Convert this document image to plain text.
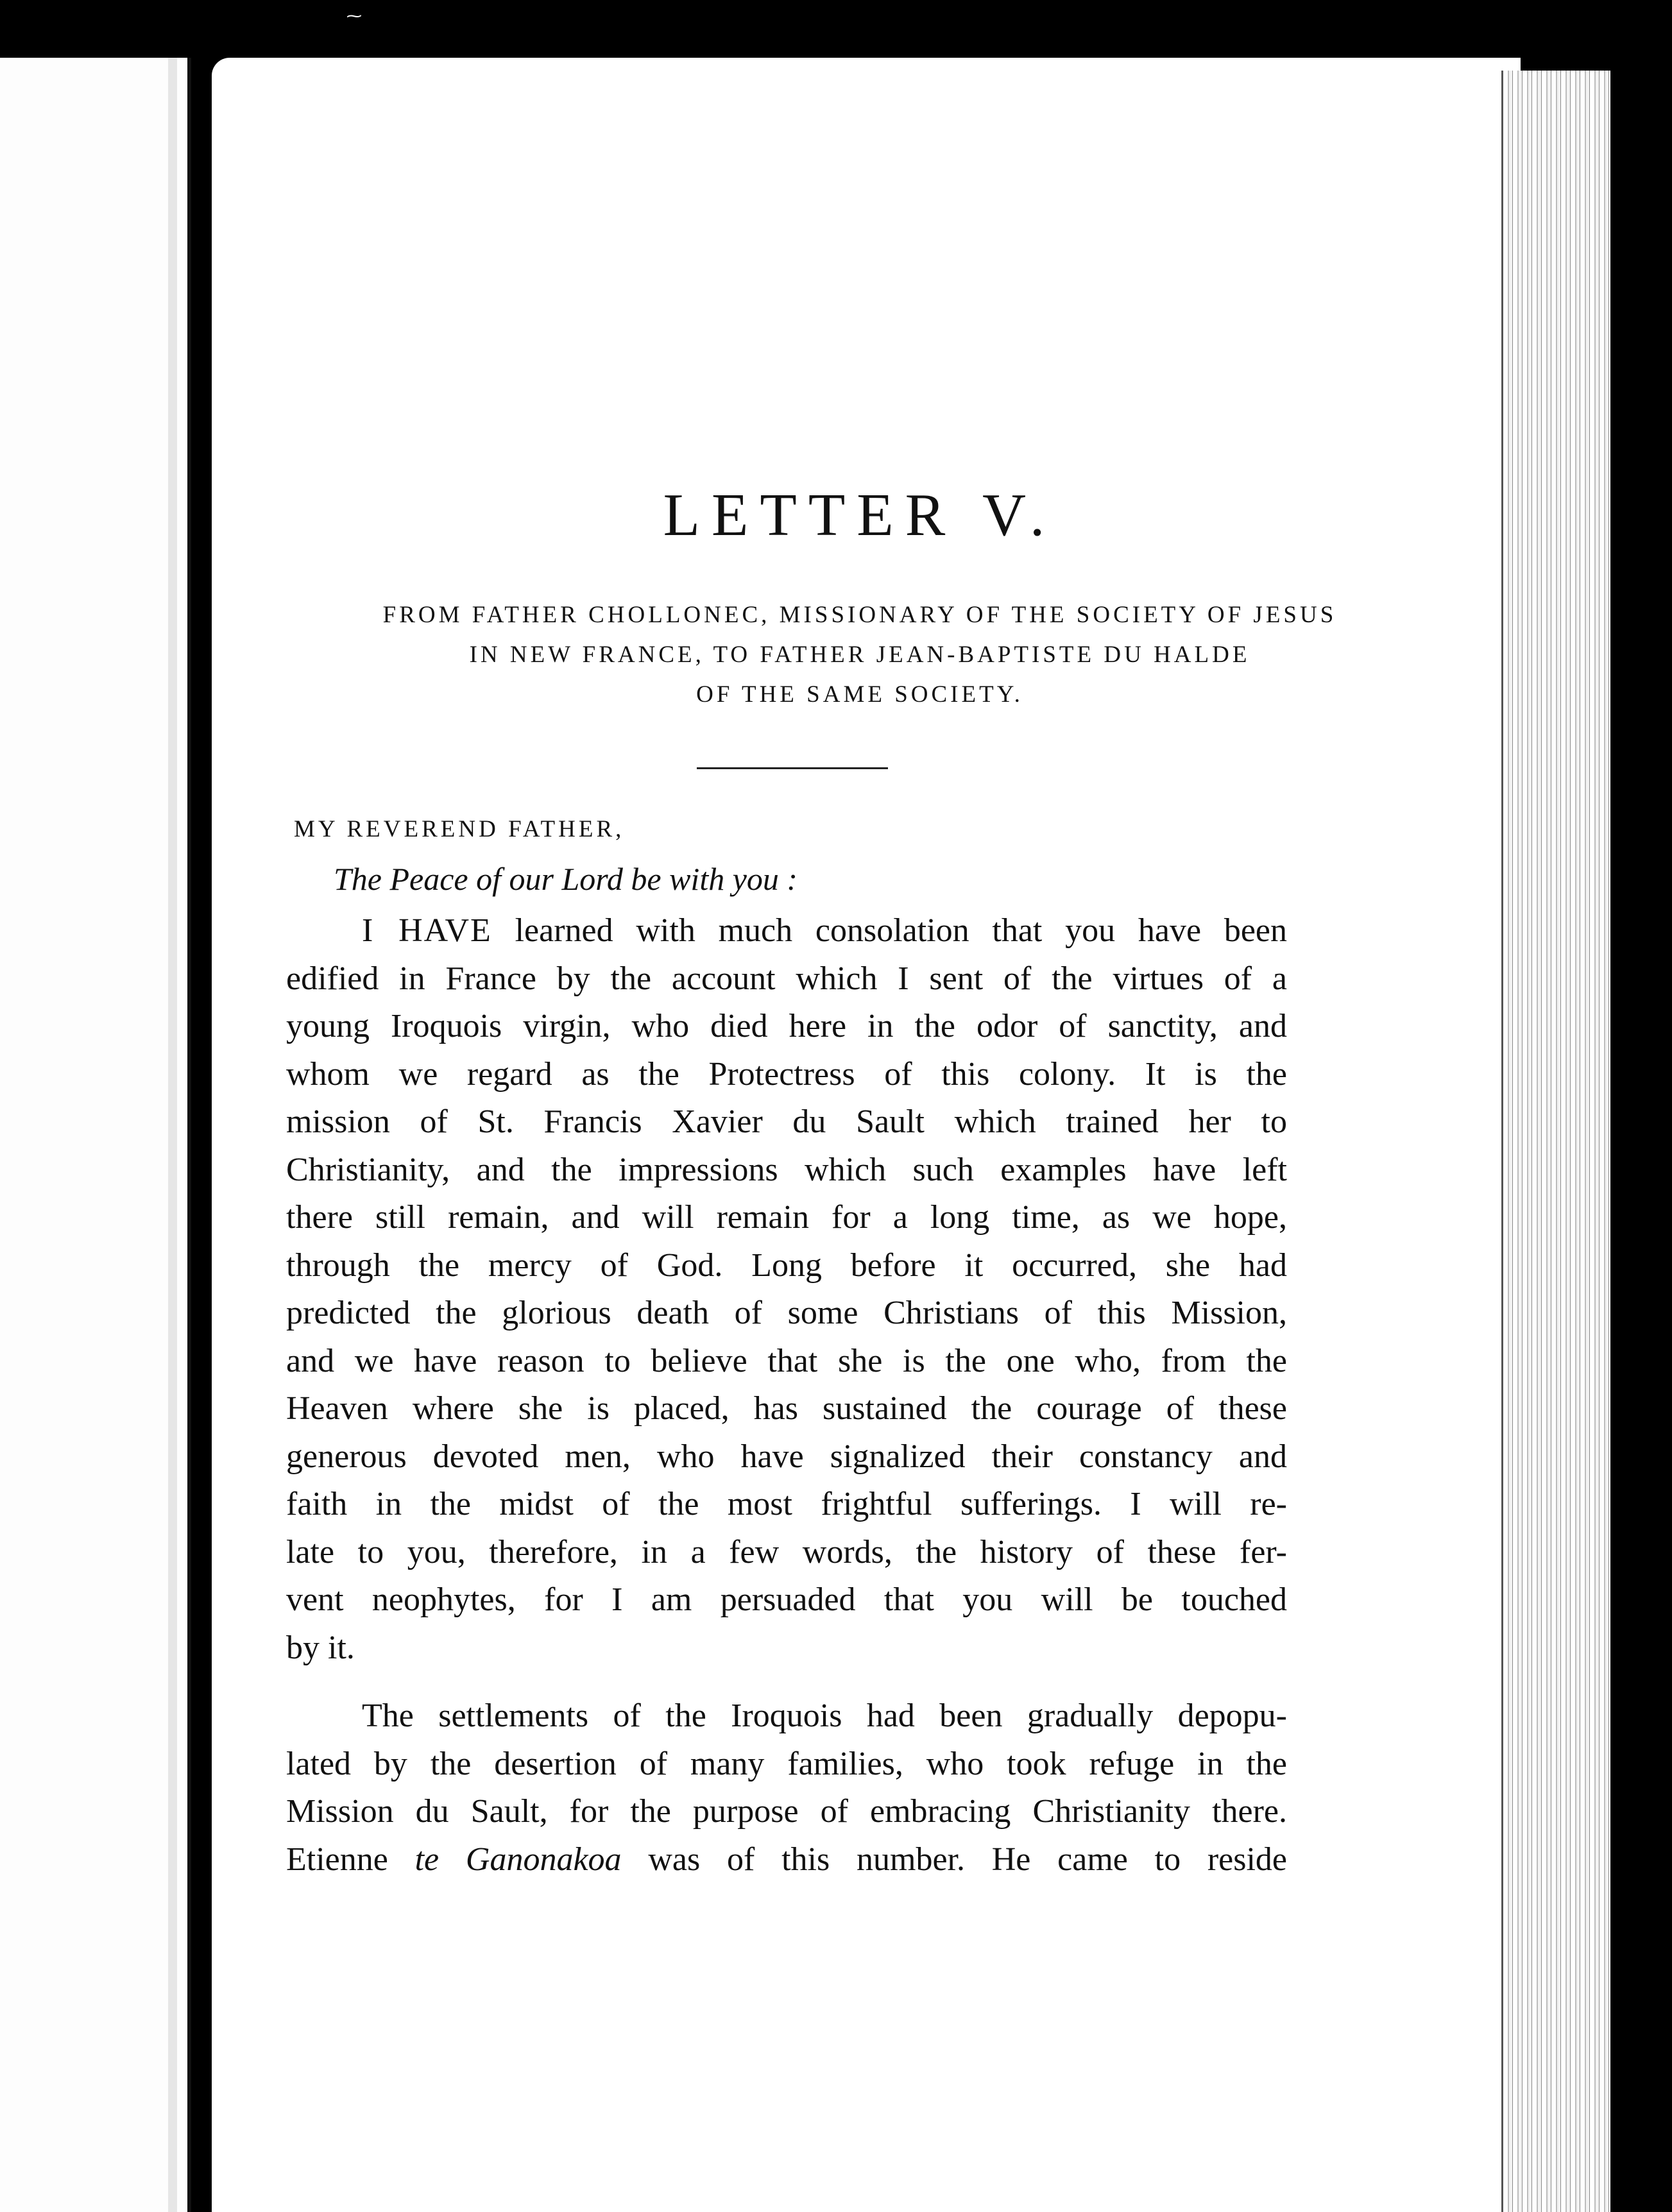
⁓
LETTER V.
FROM FATHER CHOLLONEC, MISSIONARY OF THE SOCIETY OF JESUS
IN NEW FRANCE, TO FATHER JEAN-BAPTISTE DU HALDE
OF THE SAME SOCIETY.
MY REVEREND FATHER,
The Peace of our Lord be with you :
I HAVE learned with much consolation that you have been
edified in France by the account which I sent of the virtues of a
young Iroquois virgin, who died here in the odor of sanctity, and
whom we regard as the Protectress of this colony. It is the
mission of St. Francis Xavier du Sault which trained her to
Christianity, and the impressions which such examples have left
there still remain, and will remain for a long time, as we hope,
through the mercy of God. Long before it occurred, she had
predicted the glorious death of some Christians of this Mission,
and we have reason to believe that she is the one who, from the
Heaven where she is placed, has sustained the courage of these
generous devoted men, who have signalized their constancy and
faith in the midst of the most frightful sufferings. I will re-
late to you, therefore, in a few words, the history of these fer-
vent neophytes, for I am persuaded that you will be touched
by it.
The settlements of the Iroquois had been gradually depopu-
lated by the desertion of many families, who took refuge in the
Mission du Sault, for the purpose of embracing Christianity there.
Etienne te Ganonakoa was of this number. He came to reside
